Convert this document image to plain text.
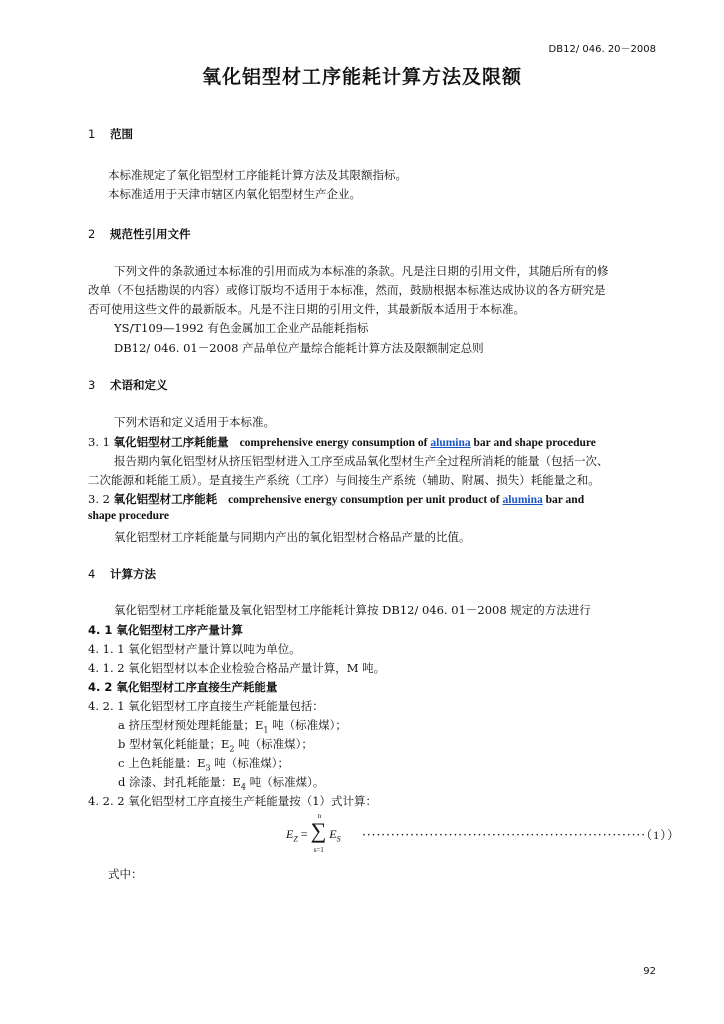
DB12/ 046. 20－2008
氧化铝型材工序能耗计算方法及限额
1 范围
本标准规定了氧化铝型材工序能耗计算方法及其限额指标。
本标准适用于天津市辖区内氧化铝型材生产企业。
2 规范性引用文件
下列文件的条款通过本标准的引用而成为本标准的条款。凡是注日期的引用文件，其随后所有的修
改单（不包括勘误的内容）或修订版均不适用于本标准，然而，鼓励根据本标准达成协议的各方研究是
否可使用这些文件的最新版本。凡是不注日期的引用文件，其最新版本适用于本标准。
YS/T109—1992 有色金属加工企业产品能耗指标
DB12/ 046. 01－2008 产品单位产量综合能耗计算方法及限额制定总则
3 术语和定义
下列术语和定义适用于本标准。
3. 1 氧化铝型材工序耗能量 comprehensive energy consumption of alumina bar and shape procedure
报告期内氧化铝型材从挤压铝型材进入工序至成品氧化型材生产全过程所消耗的能量（包括一次、
二次能源和耗能工质）。是直接生产系统（工序）与间接生产系统（辅助、附属、损失）耗能量之和。
3. 2 氧化铝型材工序能耗 comprehensive energy consumption per unit product of alumina bar and
shape procedure
氧化铝型材工序耗能量与同期内产出的氧化铝型材合格品产量的比值。
4 计算方法
氧化铝型材工序耗能量及氧化铝型材工序能耗计算按 DB12/ 046. 01－2008 规定的方法进行
4. 1 氧化铝型材工序产量计算
4. 1. 1 氧化铝型材产量计算以吨为单位。
4. 1. 2 氧化铝型材以本企业检验合格品产量计算，M 吨。
4. 2 氧化铝型材工序直接生产耗能量
4. 2. 1 氧化铝型材工序直接生产耗能量包括：
a 挤压型材预处理耗能量；$E_1$ 吨（标准煤）；
b 型材氧化耗能量；$E_2$ 吨（标准煤）；
c 上色耗能量：$E_3$ 吨（标准煤）；
d 涂漆、封孔耗能量：$E_4$ 吨（标准煤）。
4. 2. 2 氧化铝型材工序直接生产耗能量按（1）式计算：
$E_Z$ = ∑
n
s=1
$E_S \cdot\cdot\cdot\cdot\cdot\cdot\cdot\cdot\cdot\cdot\cdot\cdot\cdot\cdot\cdot\cdot\cdot\cdot\cdot\cdot\cdot\cdot\cdot\cdot\cdot\cdot\cdot\cdot\cdot\cdot\cdot\cdot\cdot\cdot\cdot\cdot\cdot\cdot\cdot\cdot\cdot\cdot\cdot\cdot\cdot\cdot\cdot\cdot\cdot\cdot\cdot\cdot\cdot\cdot\cdot\cdot\cdot\cdot\cdot(1)$）
式中：
92
